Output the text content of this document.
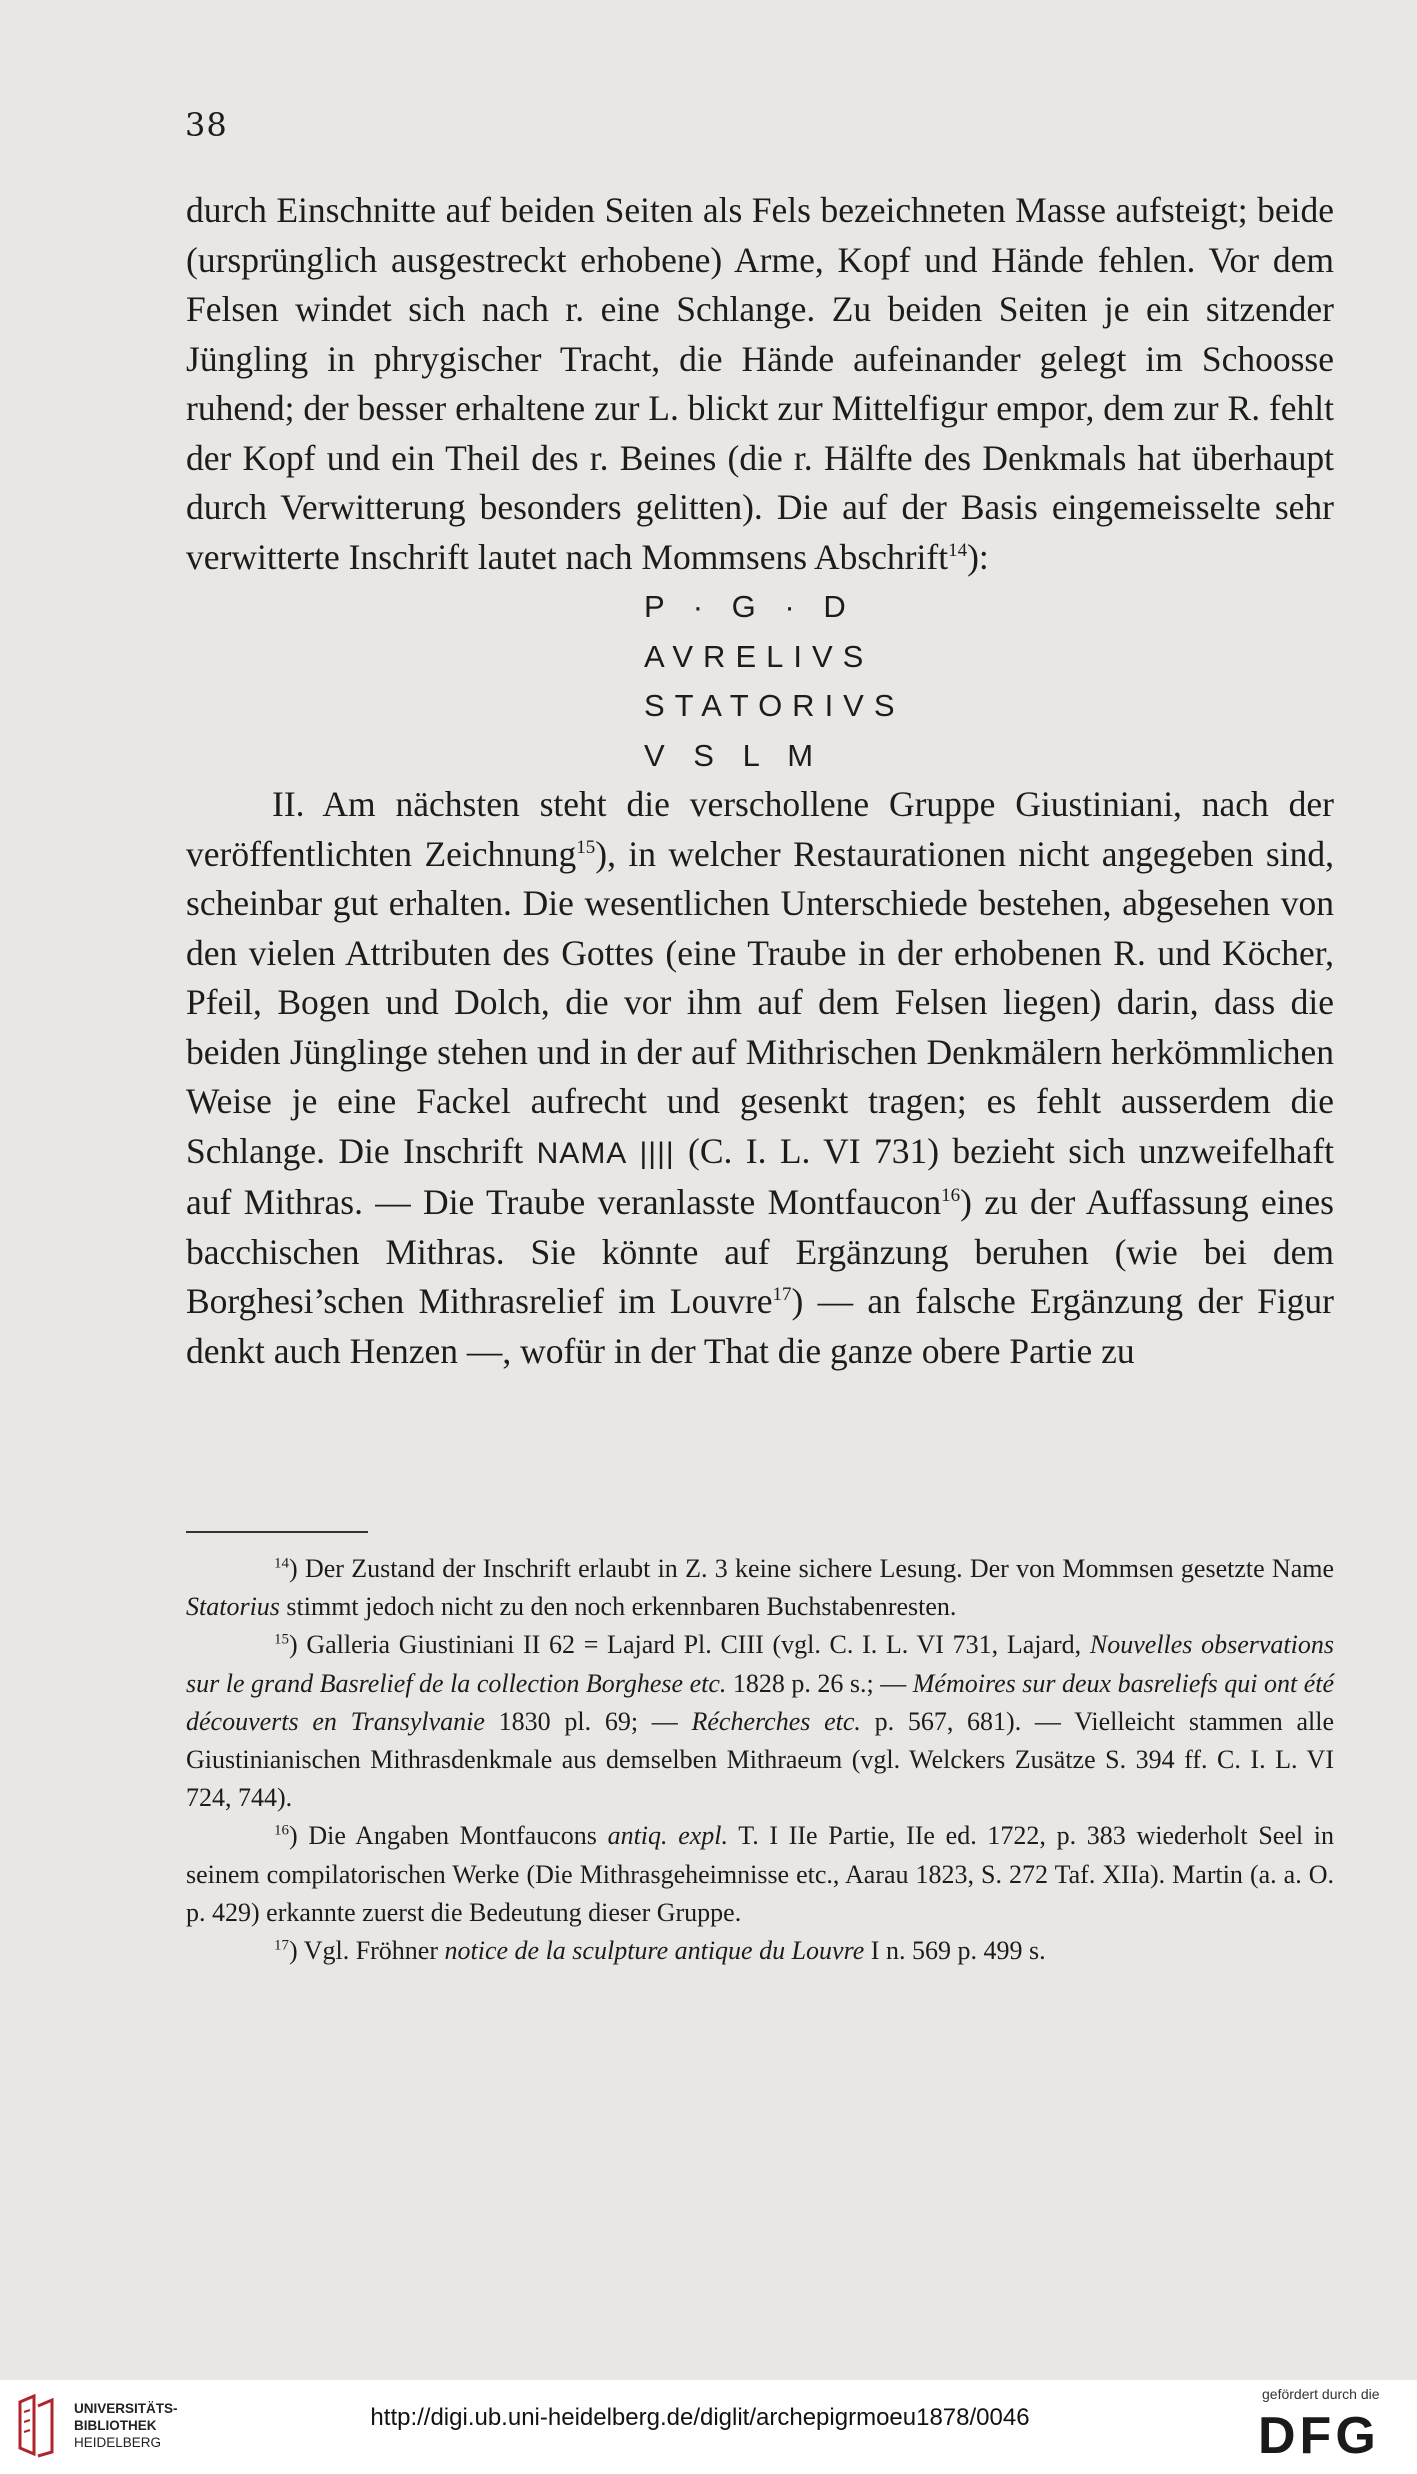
38

durch Einschnitte auf beiden Seiten als Fels bezeichneten Masse aufsteigt; beide (ursprünglich ausgestreckt erhobene) Arme, Kopf und Hände fehlen. Vor dem Felsen windet sich nach r. eine Schlange. Zu beiden Seiten je ein sitzender Jüngling in phrygischer Tracht, die Hände aufeinander gelegt im Schoosse ruhend; der besser erhaltene zur L. blickt zur Mittelfigur empor, dem zur R. fehlt der Kopf und ein Theil des r. Beines (die r. Hälfte des Denkmals hat überhaupt durch Verwitterung besonders gelitten). Die auf der Basis eingemeisselte sehr verwitterte Inschrift lautet nach Mommsens Abschrift$^{14}$):

P · G · D
AVRELIVS
STATORIVS
V S L M

II. Am nächsten steht die verschollene Gruppe Giustiniani, nach der veröffentlichten Zeichnung$^{15}$), in welcher Restaurationen nicht angegeben sind, scheinbar gut erhalten. Die wesentlichen Unterschiede bestehen, abgesehen von den vielen Attributen des Gottes (eine Traube in der erhobenen R. und Köcher, Pfeil, Bogen und Dolch, die vor ihm auf dem Felsen liegen) darin, dass die beiden Jünglinge stehen und in der auf Mithrischen Denkmälern herkömmlichen Weise je eine Fackel aufrecht und gesenkt tragen; es fehlt ausserdem die Schlange. Die Inschrift NAMA |||| (C. I. L. VI 731) bezieht sich unzweifelhaft auf Mithras. — Die Traube veranlasste Montfaucon$^{16}$) zu der Auffassung eines bacchischen Mithras. Sie könnte auf Ergänzung beruhen (wie bei dem Borghesi’schen Mithrasrelief im Louvre$^{17}$) — an falsche Ergänzung der Figur denkt auch Henzen —, wofür in der That die ganze obere Partie zu

$^{14}$) Der Zustand der Inschrift erlaubt in Z. 3 keine sichere Lesung. Der von Mommsen gesetzte Name Statorius stimmt jedoch nicht zu den noch erkennbaren Buchstabenresten.

$^{15}$) Galleria Giustiniani II 62 = Lajard Pl. CIII (vgl. C. I. L. VI 731, Lajard, Nouvelles observations sur le grand Basrelief de la collection Borghese etc. 1828 p. 26 s.; — Mémoires sur deux basreliefs qui ont été découverts en Transylvanie 1830 pl. 69; — Récherches etc. p. 567, 681). — Vielleicht stammen alle Giustinianischen Mithrasdenkmale aus demselben Mithraeum (vgl. Welckers Zusätze S. 394 ff. C. I. L. VI 724, 744).

$^{16}$) Die Angaben Montfaucons antiq. expl. T. I IIe Partie, IIe ed. 1722, p. 383 wiederholt Seel in seinem compilatorischen Werke (Die Mithrasgeheimnisse etc., Aarau 1823, S. 272 Taf. XIIa). Martin (a. a. O. p. 429) erkannte zuerst die Bedeutung dieser Gruppe.

$^{17}$) Vgl. Fröhner notice de la sculpture antique du Louvre I n. 569 p. 499 s.

UNIVERSITÄTS-
BIBLIOTHEK
HEIDELBERG
http://digi.ub.uni-heidelberg.de/diglit/archepigrmoeu1878/0046
gefördert durch die
DFG
